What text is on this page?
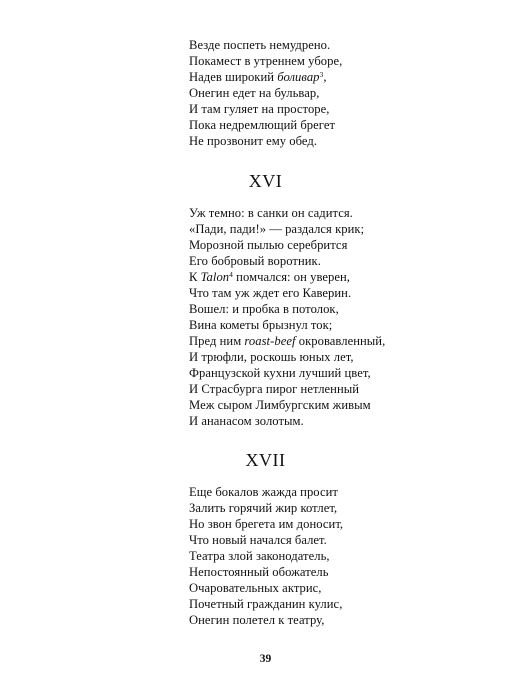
Везде поспеть немудрено.
Покамест в утреннем уборе,
Надев широкий боливар$^3$,
Онегин едет на бульвар,
И там гуляет на просторе,
Пока недремлющий брегет
Не прозвонит ему обед.
XVI
Уж темно: в санки он садится.
«Пади, пади!» — раздался крик;
Морозной пылью серебрится
Его бобровый воротник.
К Talon$^4$ помчался: он уверен,
Что там уж ждет его Каверин.
Вошел: и пробка в потолок,
Вина кометы брызнул ток;
Пред ним roast-beef окровавленный,
И трюфли, роскошь юных лет,
Французской кухни лучший цвет,
И Страсбурга пирог нетленный
Меж сыром Лимбургским живым
И ананасом золотым.
XVII
Еще бокалов жажда просит
Залить горячий жир котлет,
Но звон брегета им доносит,
Что новый начался балет.
Театра злой законодатель,
Непостоянный обожатель
Очаровательных актрис,
Почетный гражданин кулис,
Онегин полетел к театру,
39
